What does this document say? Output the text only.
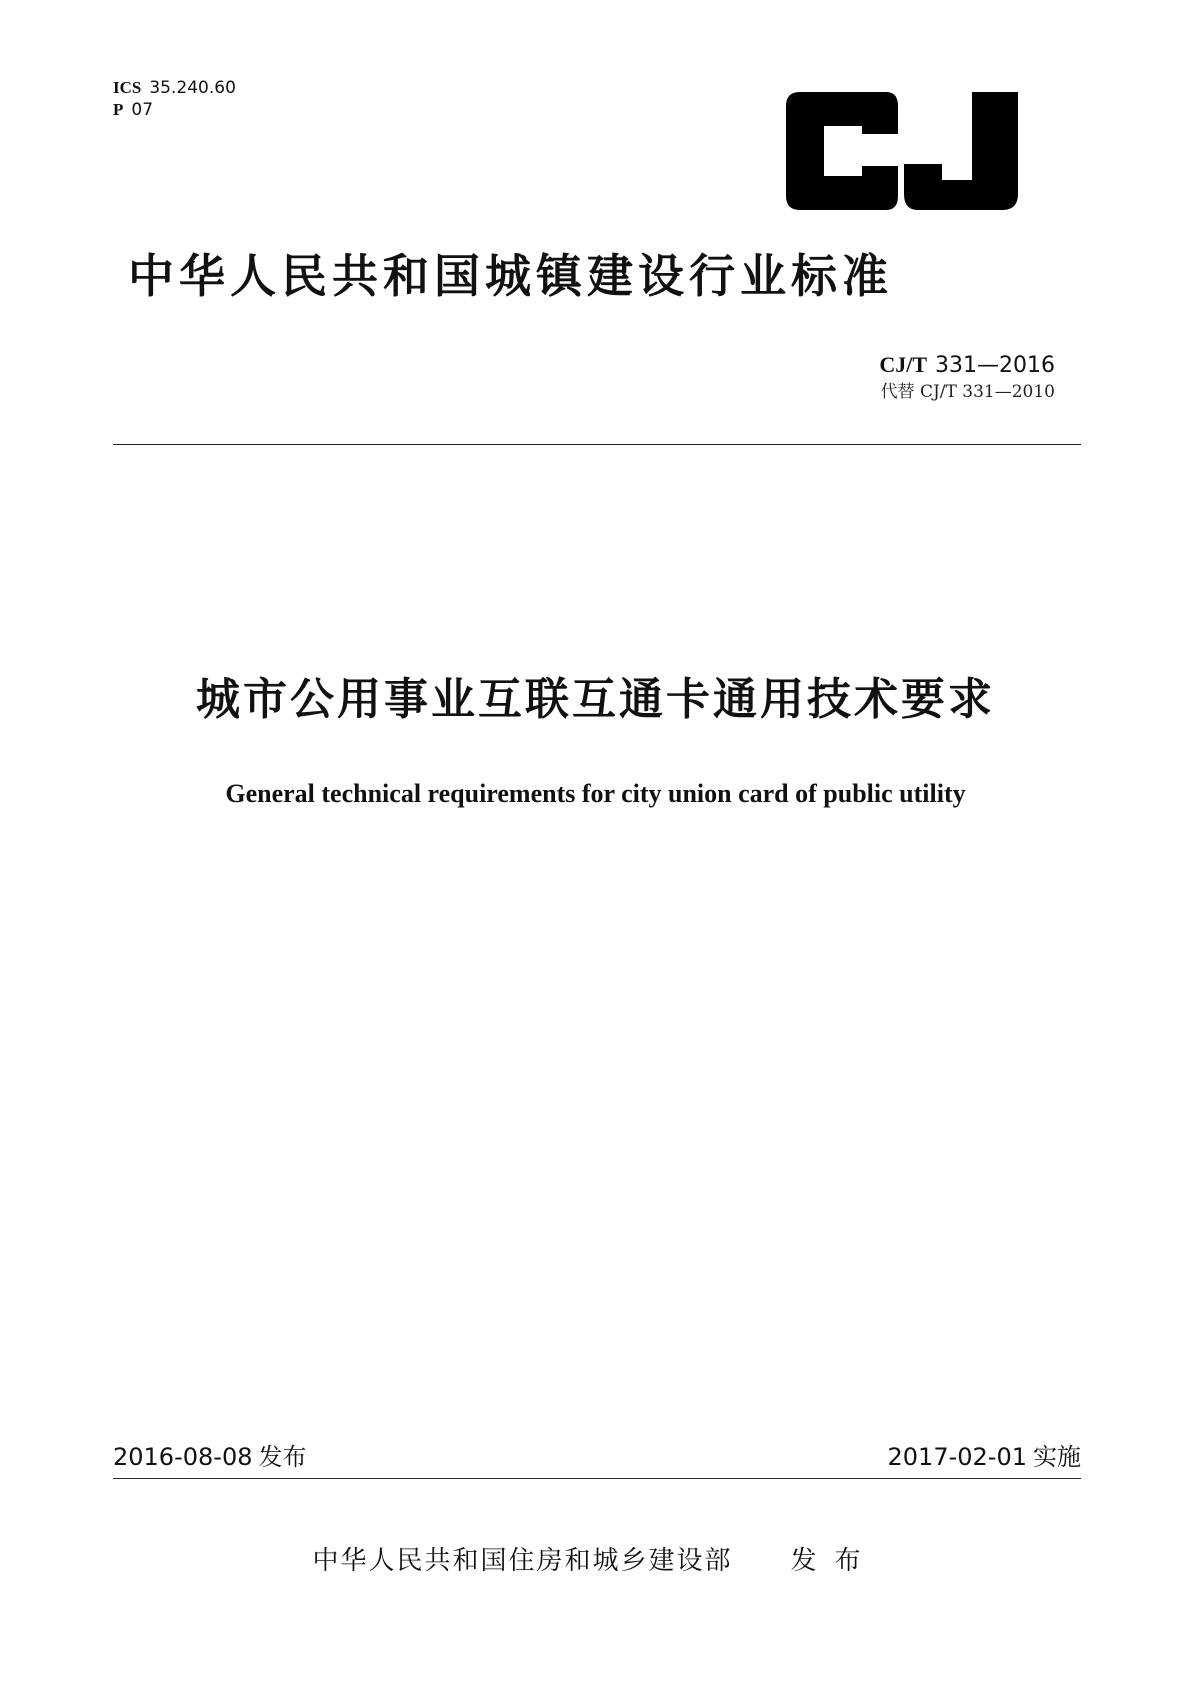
ICS 35.240.60
P 07
中华人民共和国城镇建设行业标准
CJ/T 331—2016
代替 CJ/T 331—2010
城市公用事业互联互通卡通用技术要求
General technical requirements for city union card of public utility
2016-08-08 发布	2017-02-01 实施
中华人民共和国住房和城乡建设部 发布
